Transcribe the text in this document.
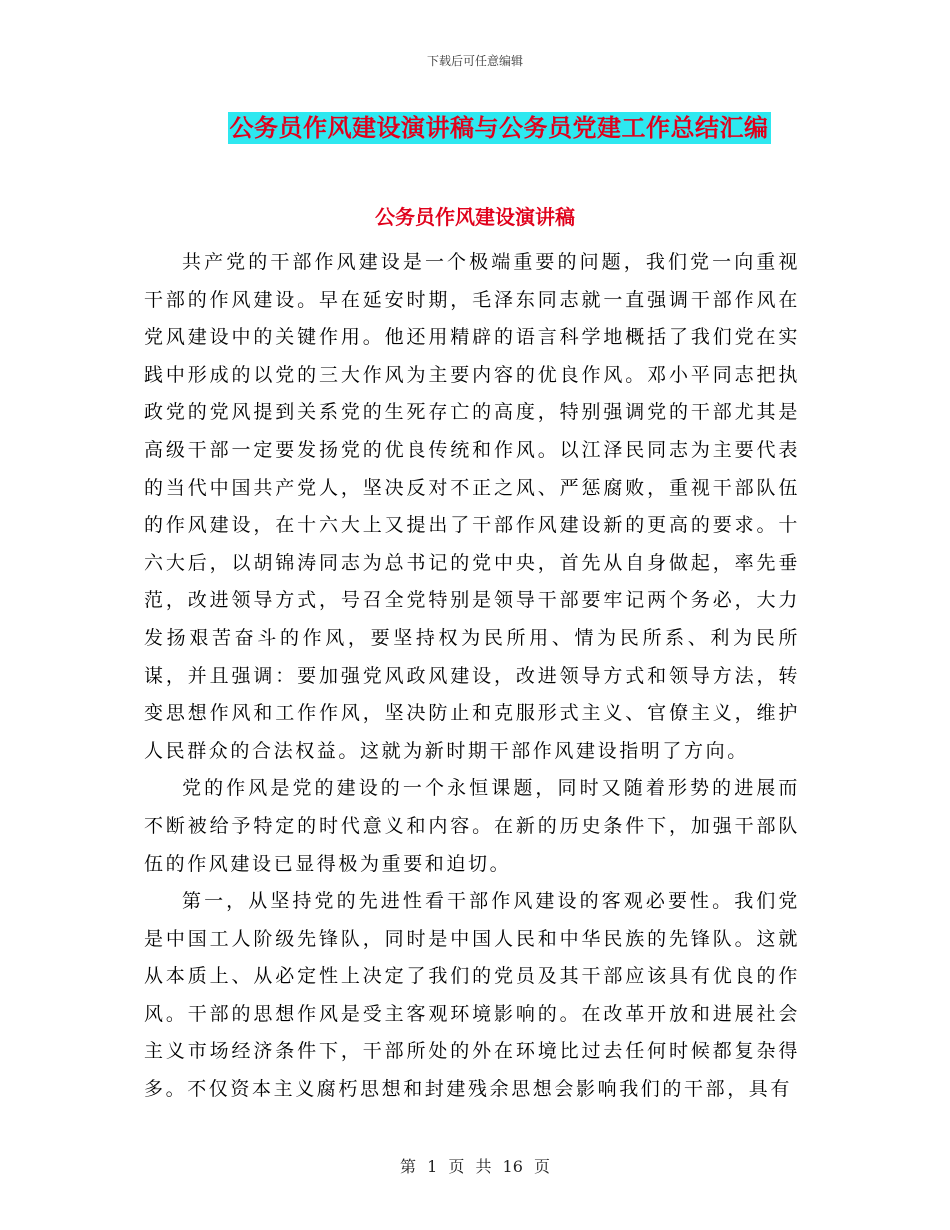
下载后可任意编辑
公务员作风建设演讲稿与公务员党建工作总结汇编
公务员作风建设演讲稿

共产党的干部作风建设是一个极端重要的问题，我们党一向重视干部的作风建设。早在延安时期，毛泽东同志就一直强调干部作风在党风建设中的关键作用。他还用精辟的语言科学地概括了我们党在实践中形成的以党的三大作风为主要内容的优良作风。邓小平同志把执政党的党风提到关系党的生死存亡的高度，特别强调党的干部尤其是高级干部一定要发扬党的优良传统和作风。以江泽民同志为主要代表的当代中国共产党人，坚决反对不正之风、严惩腐败，重视干部队伍的作风建设，在十六大上又提出了干部作风建设新的更高的要求。十六大后，以胡锦涛同志为总书记的党中央，首先从自身做起，率先垂范，改进领导方式，号召全党特别是领导干部要牢记两个务必，大力发扬艰苦奋斗的作风，要坚持权为民所用、情为民所系、利为民所谋，并且强调：要加强党风政风建设，改进领导方式和领导方法，转变思想作风和工作作风，坚决防止和克服形式主义、官僚主义，维护人民群众的合法权益。这就为新时期干部作风建设指明了方向。

党的作风是党的建设的一个永恒课题，同时又随着形势的进展而不断被给予特定的时代意义和内容。在新的历史条件下，加强干部队伍的作风建设已显得极为重要和迫切。

第一，从坚持党的先进性看干部作风建设的客观必要性。我们党是中国工人阶级先锋队，同时是中国人民和中华民族的先锋队。这就从本质上、从必定性上决定了我们的党员及其干部应该具有优良的作风。干部的思想作风是受主客观环境影响的。在改革开放和进展社会主义市场经济条件下，干部所处的外在环境比过去任何时候都复杂得多。不仅资本主义腐朽思想和封建残余思想会影响我们的干部，具有

第 1 页 共 16 页
